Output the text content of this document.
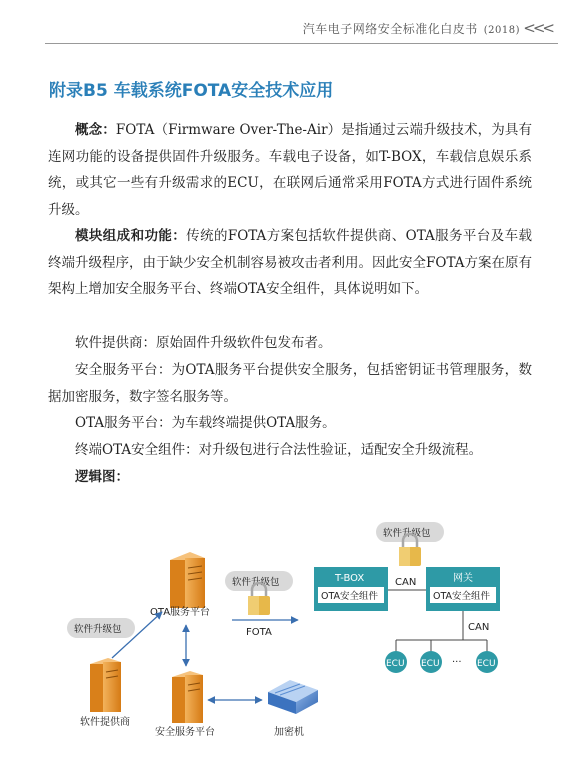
汽车电子网络安全标准化白皮书 (2018) <<<
附录B5 车载系统FOTA安全技术应用

概念：FOTA（Firmware Over-The-Air）是指通过云端升级技术，为具有连网功能的设备提供固件升级服务。车载电子设备，如T-BOX，车载信息娱乐系统，或其它一些有升级需求的ECU，在联网后通常采用FOTA方式进行固件系统升级。

模块组成和功能：传统的FOTA方案包括软件提供商、OTA服务平台及车载终端升级程序，由于缺少安全机制容易被攻击者利用。因此安全FOTA方案在原有架构上增加安全服务平台、终端OTA安全组件，具体说明如下。

软件提供商：原始固件升级软件包发布者。

安全服务平台：为OTA服务平台提供安全服务，包括密钥证书管理服务，数据加密服务，数字签名服务等。

OTA服务平台：为车载终端提供OTA服务。

终端OTA安全组件：对升级包进行合法性验证，适配安全升级流程。

逻辑图：

OTA服务平台
软件提供商
安全服务平台	加密机
FOTA
软件升级包
软件升级包
软件升级包
T-BOX
OTA安全组件
网关
OTA安全组件
CAN
CAN
ECU ECU ··· ECU
